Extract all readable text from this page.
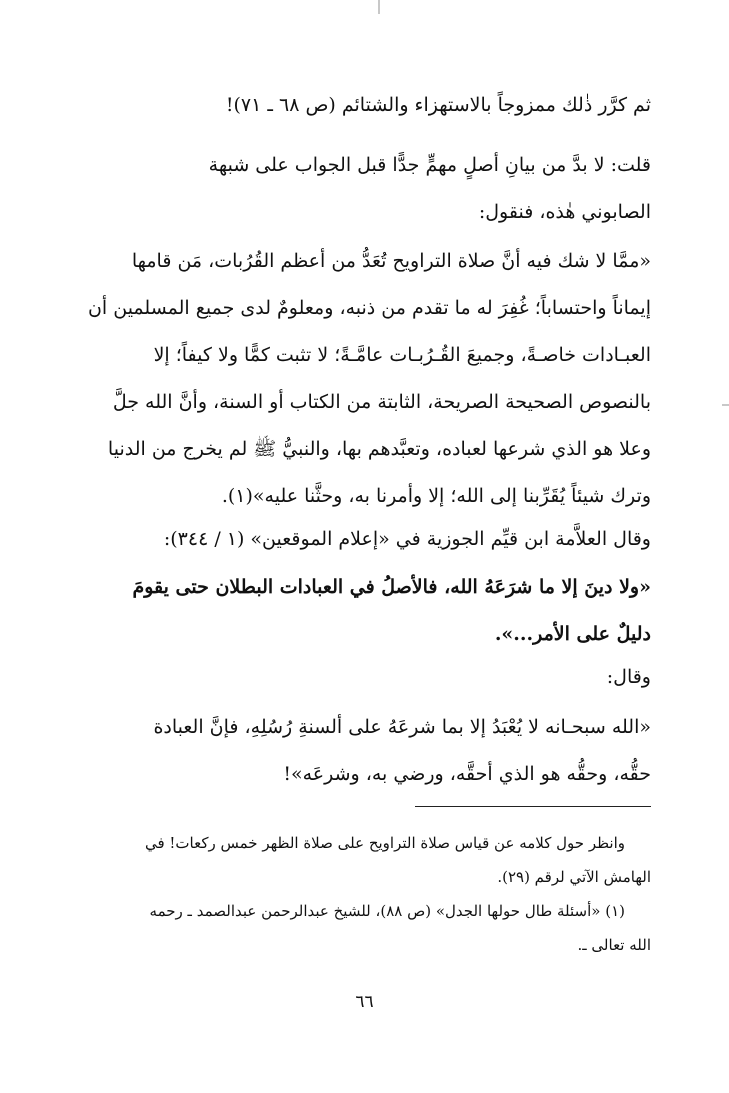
ثم كرَّر ذٰلك ممزوجاً بالاستهزاء والشتائم (ص ٦٨ ـ ٧١)!
قلت: لا بدَّ من بيانِ أصلٍ مهمٍّ جدًّا قبل الجواب على شبهة
الصابوني هٰذه، فنقول:
«ممَّا لا شك فيه أنَّ صلاة التراويح تُعَدُّ من أعظم القُرُبات، مَن قامها
إيماناً واحتساباً؛ غُفِرَ له ما تقدم من ذنبه، ومعلومٌ لدى جميع المسلمين أن
العبـادات خاصـةً، وجميعَ القُـرُبـات عامَّـةً؛ لا تثبت كمًّا ولا كيفاً؛ إلا
بالنصوص الصحيحة الصريحة، الثابتة من الكتاب أو السنة، وأنَّ الله جلَّ
وعلا هو الذي شرعها لعباده، وتعبَّدهم بها، والنبيُّ ﷺ لم يخرج من الدنيا
وترك شيئاً يُقَرِّبنا إلى الله؛ إلا وأمرنا به، وحثَّنا عليه»(١).
وقال العلاَّمة ابن قيِّم الجوزية في «إعلام الموقعين» (١ / ٣٤٤):
«ولا دينَ إلا ما شرَعَهُ الله، فالأصلُ في العبادات البطلان حتى يقومَ
دليلٌ على الأمر...».
وقال:
«الله سبحـانه لا يُعْبَدُ إلا بما شرعَهُ على ألسنةِ رُسُلِهِ، فإنَّ العبادة
حقُّه، وحقُّه هو الذي أحقَّه، ورضي به، وشرعَه»!
وانظر حول كلامه عن قياس صلاة التراويح على صلاة الظهر خمس ركعات! في
الهامش الآتي لرقم (٢٩).
(١) «أسئلة طال حولها الجدل» (ص ٨٨)، للشيخ عبدالرحمن عبدالصمد ـ رحمه
الله تعالى ـ.
٦٦
